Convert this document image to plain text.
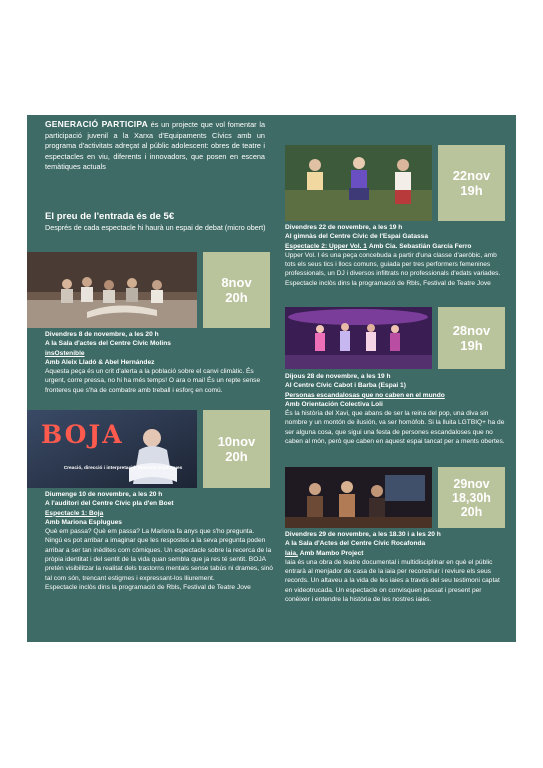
GENERACIÓ PARTICIPA és un projecte que vol fomentar la participació juvenil a la Xarxa d'Equipaments Cívics amb un programa d'activitats adreçat al públic adolescent: obres de teatre i espectacles en viu, diferents i innovadors, que posen en escena temàtiques actuals
El preu de l'entrada és de 5€
Després de cada espectacle hi haurà un espai de debat (micro obert)
8nov
20h

Divendres 8 de novembre, a les 20 h

A la Sala d'actes del Centre Cívic Molins

insOstenible

Amb Aleix Lladó & Abel Hernández

Aquesta peça és un crit d'alerta a la població sobre el canvi climàtic. És urgent, corre pressa, no hi ha més temps! O ara o mai! És un repte sense fronteres que s'ha de combatre amb treball i esforç en comú.

BOJA
Creació, direcció i interpretació: Mariona Esplugues
10nov
20h

Diumenge 10 de novembre, a les 20 h

A l'auditori del Centre Cívic pla d'en Boet

Espectacle 1: Boja

Amb Mariona Esplugues

Què em passa? Què em passa? La Mariona fa anys que s'ho pregunta. Ningú es pot arribar a imaginar que les respostes a la seva pregunta poden arribar a ser tan inèdites com còmiques. Un espectacle sobre la recerca de la pròpia identitat i del sentit de la vida quan sembla que ja res té sentit. BOJA pretén visibilitzar la realitat dels trastorns mentals sense tabús ni drames, sinó tal com són, trencant estigmes i expressant-los lliurement.

Espectacle inclòs dins la programació de Rbls, Festival de Teatre Jove

22nov
19h

Divendres 22 de novembre, a les 19 h

Al gimnàs del Centre Cívic de l'Espai Gatassa

Espectacle 2: Upper Vol. 1 Amb Cia. Sebastián García Ferro

Upper Vol. I és una peça concebuda a partir d'una classe d'aeròbic, amb tots els seus tics i llocs comuns, guiada per tres performers femenines professionals, un DJ i diversos infiltrats no professionals d'edats variades. Espectacle inclòs dins la programació de Rbls, Festival de Teatre Jove

28nov
19h

Dijous 28 de novembre, a les 19 h

Al Centre Cívic Cabot i Barba (Espai 1)

Personas escandalosas que no caben en el mundo

Amb Orientación Colectiva Loli

És la història del Xavi, que abans de ser la reina del pop, una diva sin nombre y un montón de ilusión, va ser homòfob. Si la lluita LGTBIQ+ ha de ser alguna cosa, que sigui una festa de persones escandaloses que no caben al món, però que caben en aquest espai tancat per a ments obertes.

29nov
18,30h
20h

Divendres 29 de novembre, a les 18.30 i a les 20 h

A la Sala d'Actes del Centre Cívic Rocafonda

Iaia, Amb Mambo Project

Iaia és una obra de teatre documental i multidisciplinar en què el públic entrarà al menjador de casa de la iaia per reconstruir i reviure els seus records. Un altaveu a la vida de les iaies a través del seu testimoni captat en videotrucada. Un espectacle on convisquen passat i present per conèixer i entendre la història de les nostres iaies.
